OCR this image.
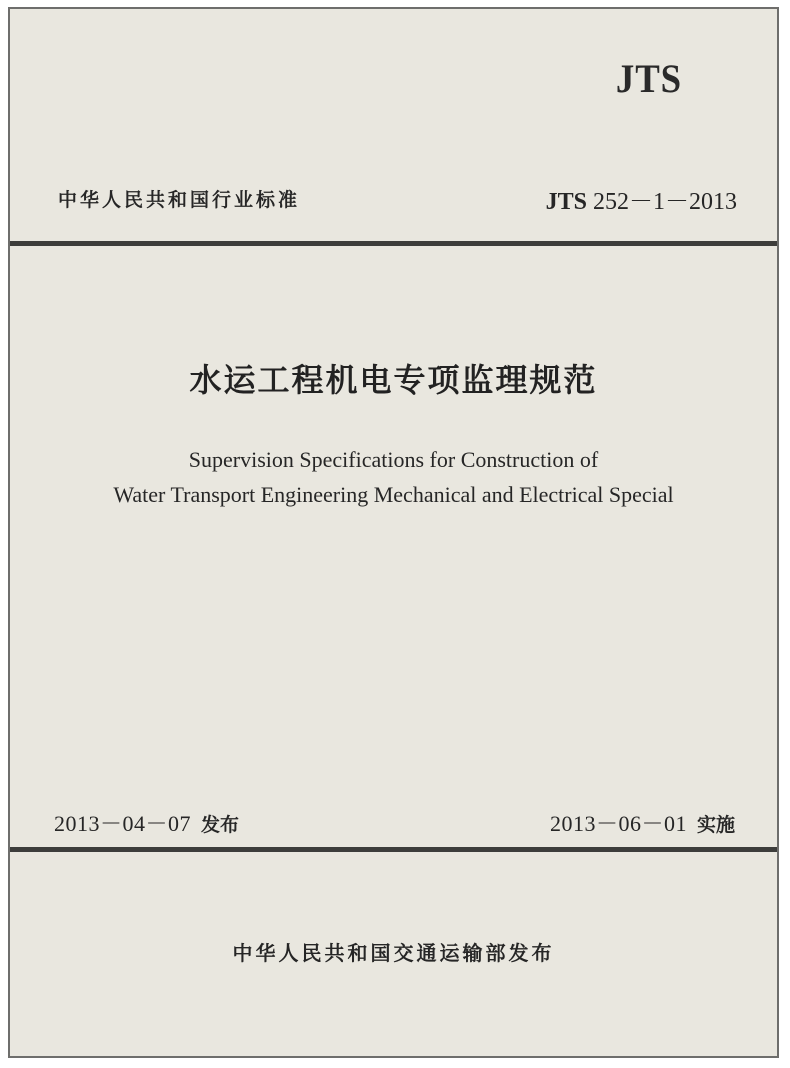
JTS
中华人民共和国行业标准	JTS 252－1－2013
水运工程机电专项监理规范
Supervision Specifications for Construction of
Water Transport Engineering Mechanical and Electrical Special
2013－04－07 发布	2013－06－01 实施
中华人民共和国交通运输部发布
